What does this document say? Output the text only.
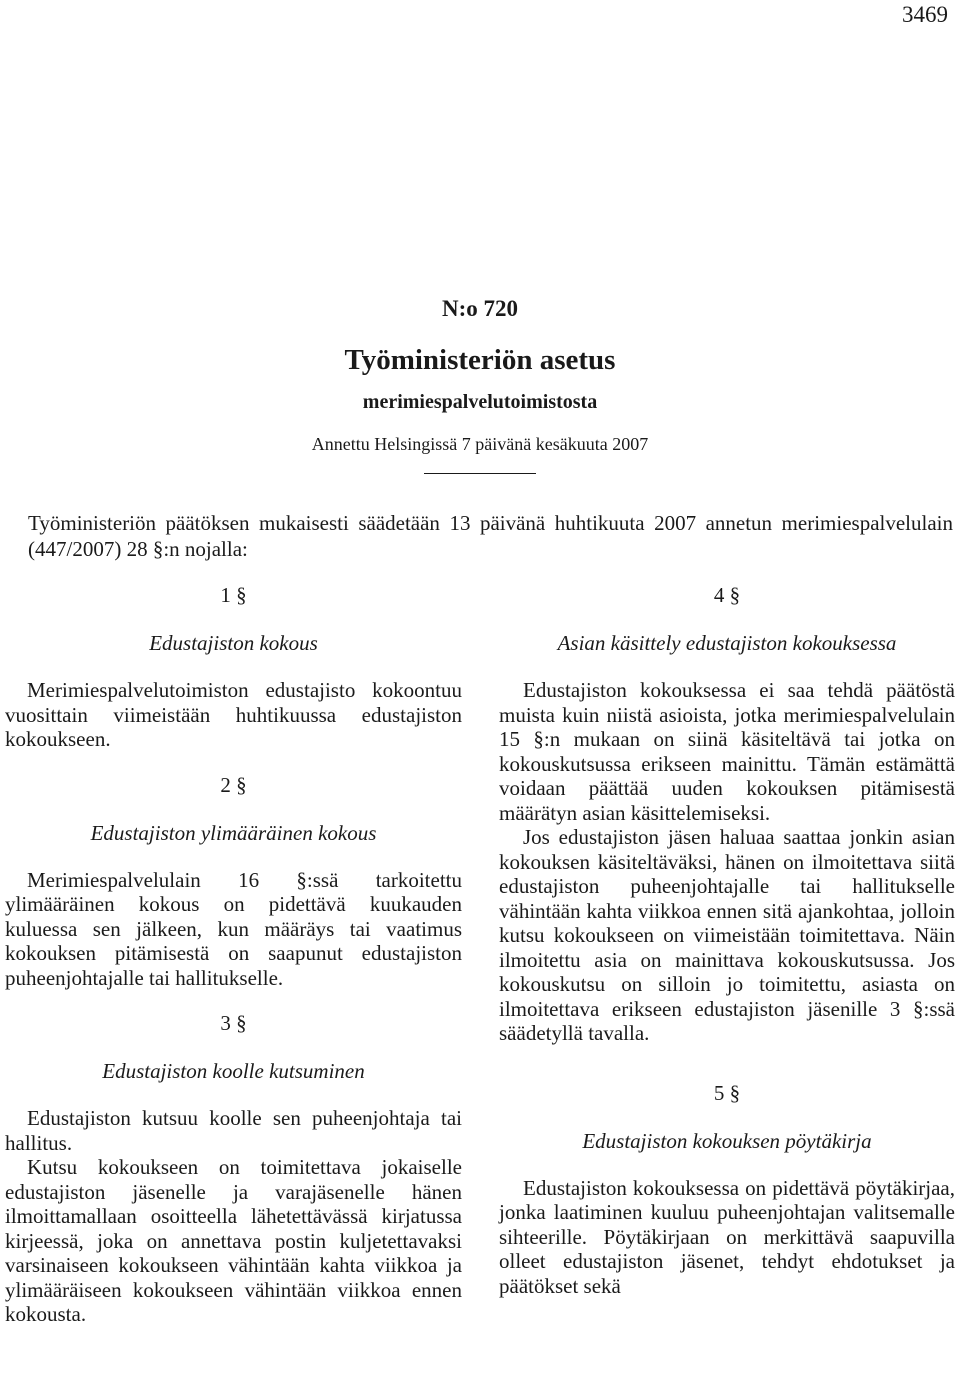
3469

N:o 720

Työministeriön asetus

merimiespalvelutoimistosta

Annettu Helsingissä 7 päivänä kesäkuuta 2007

Työministeriön päätöksen mukaisesti säädetään 13 päivänä huhtikuuta 2007 annetun merimiespalvelulain (447/2007) 28 §:n nojalla:

1 §

Edustajiston kokous

Merimiespalvelutoimiston edustajisto kokoontuu vuosittain viimeistään huhtikuussa edustajiston kokoukseen.

2 §

Edustajiston ylimääräinen kokous

Merimiespalvelulain 16 §:ssä tarkoitettu ylimääräinen kokous on pidettävä kuukauden kuluessa sen jälkeen, kun määräys tai vaatimus kokouksen pitämisestä on saapunut edustajiston puheenjohtajalle tai hallitukselle.

3 §

Edustajiston koolle kutsuminen

Edustajiston kutsuu koolle sen puheenjohtaja tai hallitus.

Kutsu kokoukseen on toimitettava jokaiselle edustajiston jäsenelle ja varajäsenelle hänen ilmoittamallaan osoitteella lähetettävässä kirjatussa kirjeessä, joka on annettava postin kuljetettavaksi varsinaiseen kokoukseen vähintään kahta viikkoa ja ylimääräiseen kokoukseen vähintään viikkoa ennen kokousta.

4 §

Asian käsittely edustajiston kokouksessa

Edustajiston kokouksessa ei saa tehdä päätöstä muista kuin niistä asioista, jotka merimiespalvelulain 15 §:n mukaan on siinä käsiteltävä tai jotka on kokouskutsussa erikseen mainittu. Tämän estämättä voidaan päättää uuden kokouksen pitämisestä määrätyn asian käsittelemiseksi.

Jos edustajiston jäsen haluaa saattaa jonkin asian kokouksen käsiteltäväksi, hänen on ilmoitettava siitä edustajiston puheenjohtajalle tai hallitukselle vähintään kahta viikkoa ennen sitä ajankohtaa, jolloin kutsu kokoukseen on viimeistään toimitettava. Näin ilmoitettu asia on mainittava kokouskutsussa. Jos kokouskutsu on silloin jo toimitettu, asiasta on ilmoitettava erikseen edustajiston jäsenille 3 §:ssä säädetyllä tavalla.

5 §

Edustajiston kokouksen pöytäkirja

Edustajiston kokouksessa on pidettävä pöytäkirjaa, jonka laatiminen kuuluu puheenjohtajan valitsemalle sihteerille. Pöytäkirjaan on merkittävä saapuvilla olleet edustajiston jäsenet, tehdyt ehdotukset ja päätökset sekä
